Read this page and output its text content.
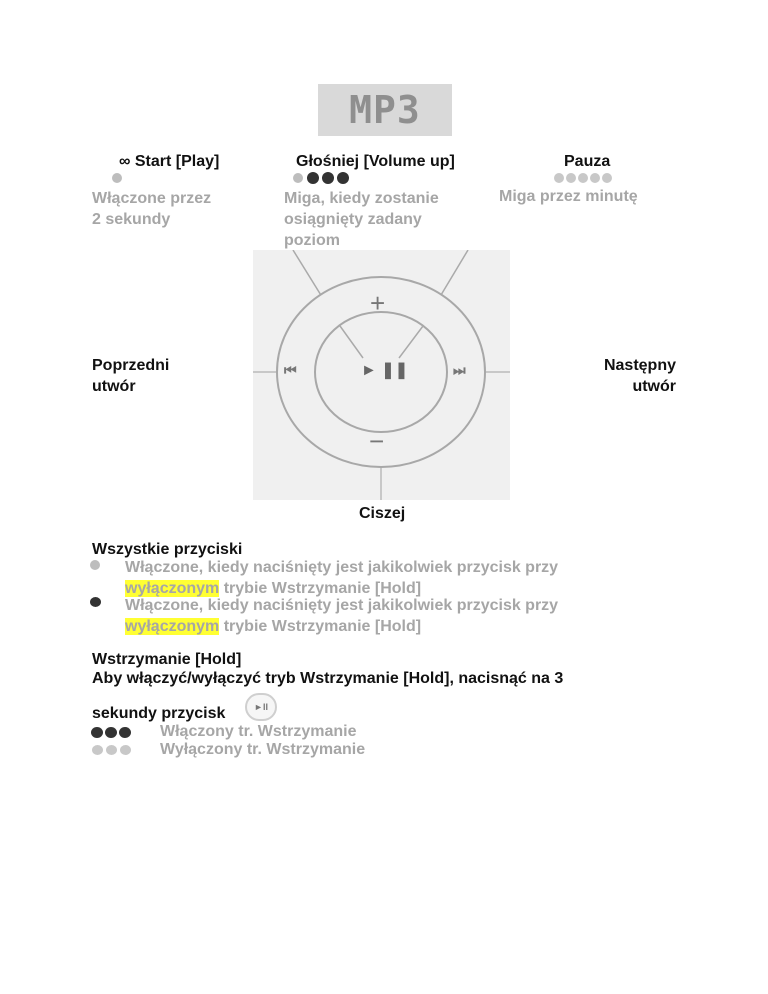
MP3
∞ Start [Play]
Włączone przez
2 sekundy
Głośniej [Volume up]
Miga, kiedy zostanie
osiągnięty zadany
poziom
Pauza
Miga przez minutę
+
−
⏮	► ❚❚	⏭
Poprzedni
utwór
Następny
utwór
Ciszej
Wszystkie przyciski
Włączone, kiedy naciśnięty jest jakikolwiek przycisk przy
wyłączonym trybie Wstrzymanie [Hold]
Włączone, kiedy naciśnięty jest jakikolwiek przycisk przy
wyłączonym trybie Wstrzymanie [Hold]
Wstrzymanie [Hold]
Aby włączyć/wyłączyć tryb Wstrzymanie [Hold], nacisnąć na 3
sekundy przycisk	►II
Włączony tr. Wstrzymanie
Wyłączony tr. Wstrzymanie
